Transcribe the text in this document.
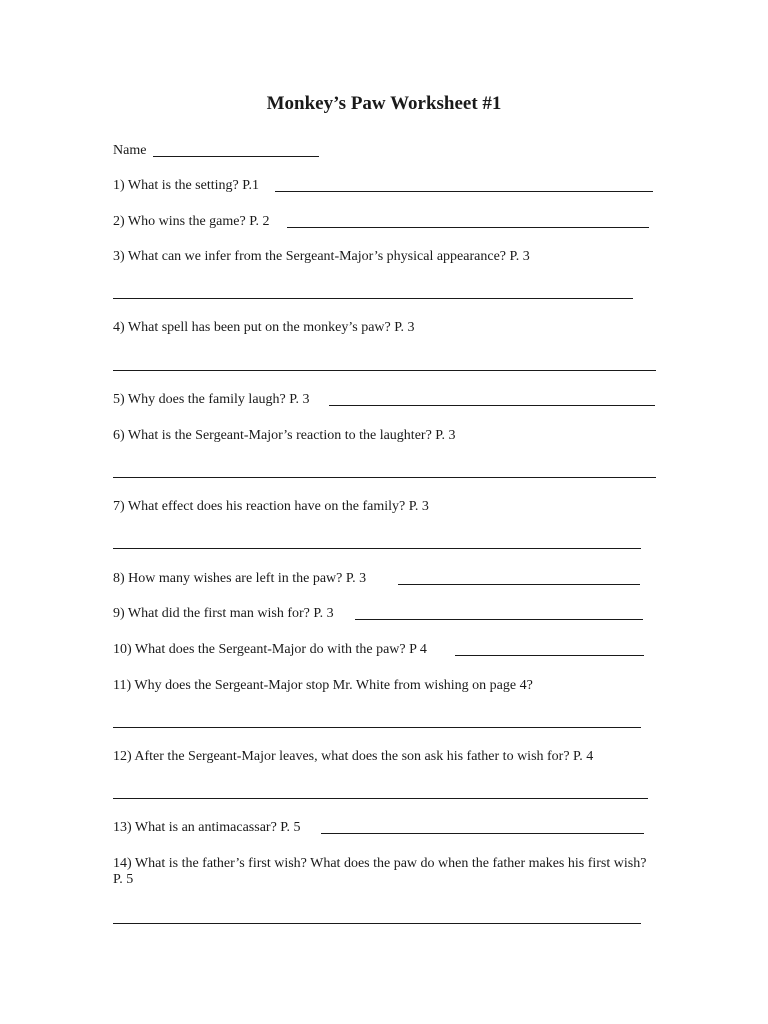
Monkey’s Paw Worksheet #1
Name
1) What is the setting? P.1
2) Who wins the game? P. 2
3) What can we infer from the Sergeant-Major’s physical appearance? P. 3
4) What spell has been put on the monkey’s paw? P. 3
5) Why does the family laugh? P. 3
6) What is the Sergeant-Major’s reaction to the laughter? P. 3
7) What effect does his reaction have on the family? P. 3
8) How many wishes are left in the paw? P. 3
9) What did the first man wish for? P. 3
10) What does the Sergeant-Major do with the paw? P 4
11) Why does the Sergeant-Major stop Mr. White from wishing on page 4?
12) After the Sergeant-Major leaves, what does the son ask his father to wish for? P. 4
13) What is an antimacassar? P. 5
14) What is the father’s first wish? What does the paw do when the father makes his first wish? P. 5
